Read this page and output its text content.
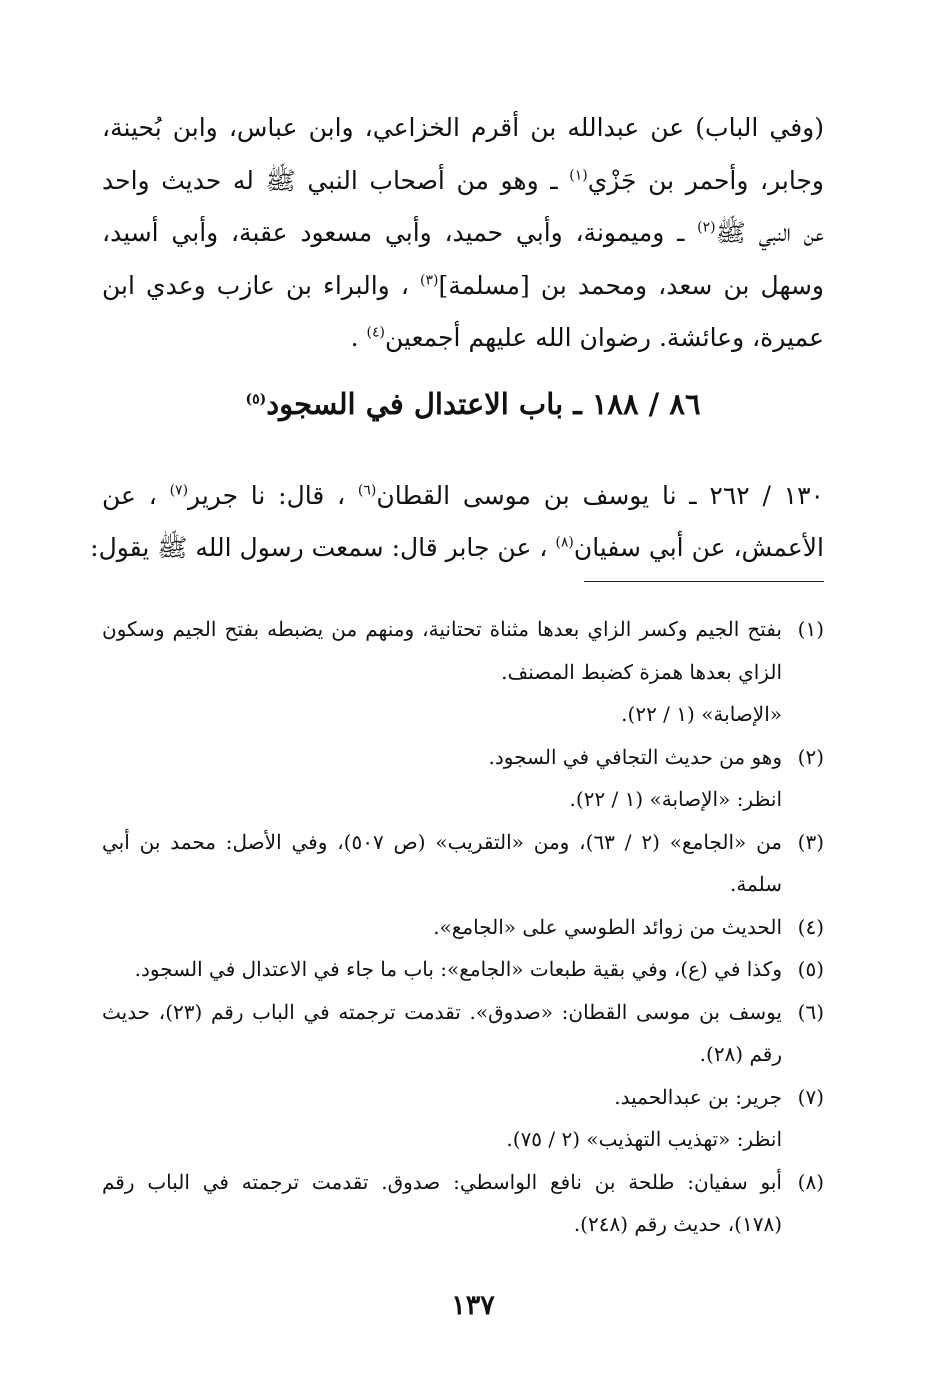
(وفي الباب) عن عبدالله بن أقرم الخزاعي، وابن عباس، وابن بُحينة،
وجابر، وأحمر بن جَزْي$^{(١)}$ ـ وهو من أصحاب النبي ﷺ له حديث واحد
عن النبي ﷺ$^{(٢)}$ ـ وميمونة، وأبي حميد، وأبي مسعود عقبة، وأبي أسيد،
وسهل بن سعد، ومحمد بن [مسلمة]$^{(٣)}$ ، والبراء بن عازب وعدي ابن
عميرة، وعائشة. رضوان الله عليهم أجمعين$^{(٤)}$ .
٨٦ / ١٨٨ ـ باب الاعتدال في السجود$^{(٥)}$
١٣٠ / ٢٦٢ ـ نا يوسف بن موسى القطان$^{(٦)}$ ، قال: نا جرير$^{(٧)}$ ، عن
الأعمش، عن أبي سفيان$^{(٨)}$ ، عن جابر قال: سمعت رسول الله ﷺ يقول:
(١)
بفتح الجيم وكسر الزاي بعدها مثناة تحتانية، ومنهم من يضبطه بفتح الجيم وسكون
الزاي بعدها همزة كضبط المصنف.
«الإصابة» (١ / ٢٢).
(٢)
وهو من حديث التجافي في السجود.
انظر: «الإصابة» (١ / ٢٢).
(٣)
من «الجامع» (٢ / ٦٣)، ومن «التقريب» (ص ٥٠٧)، وفي الأصل: محمد بن أبي
سلمة.
(٤)
الحديث من زوائد الطوسي على «الجامع».
(٥)
وكذا في (ع)، وفي بقية طبعات «الجامع»: باب ما جاء في الاعتدال في السجود.
(٦)
يوسف بن موسى القطان: «صدوق». تقدمت ترجمته في الباب رقم (٢٣)، حديث
رقم (٢٨).
(٧)
جرير: بن عبدالحميد.
انظر: «تهذيب التهذيب» (٢ / ٧٥).
(٨)
أبو سفيان: طلحة بن نافع الواسطي: صدوق. تقدمت ترجمته في الباب رقم
(١٧٨)، حديث رقم (٢٤٨).
١٣٧
